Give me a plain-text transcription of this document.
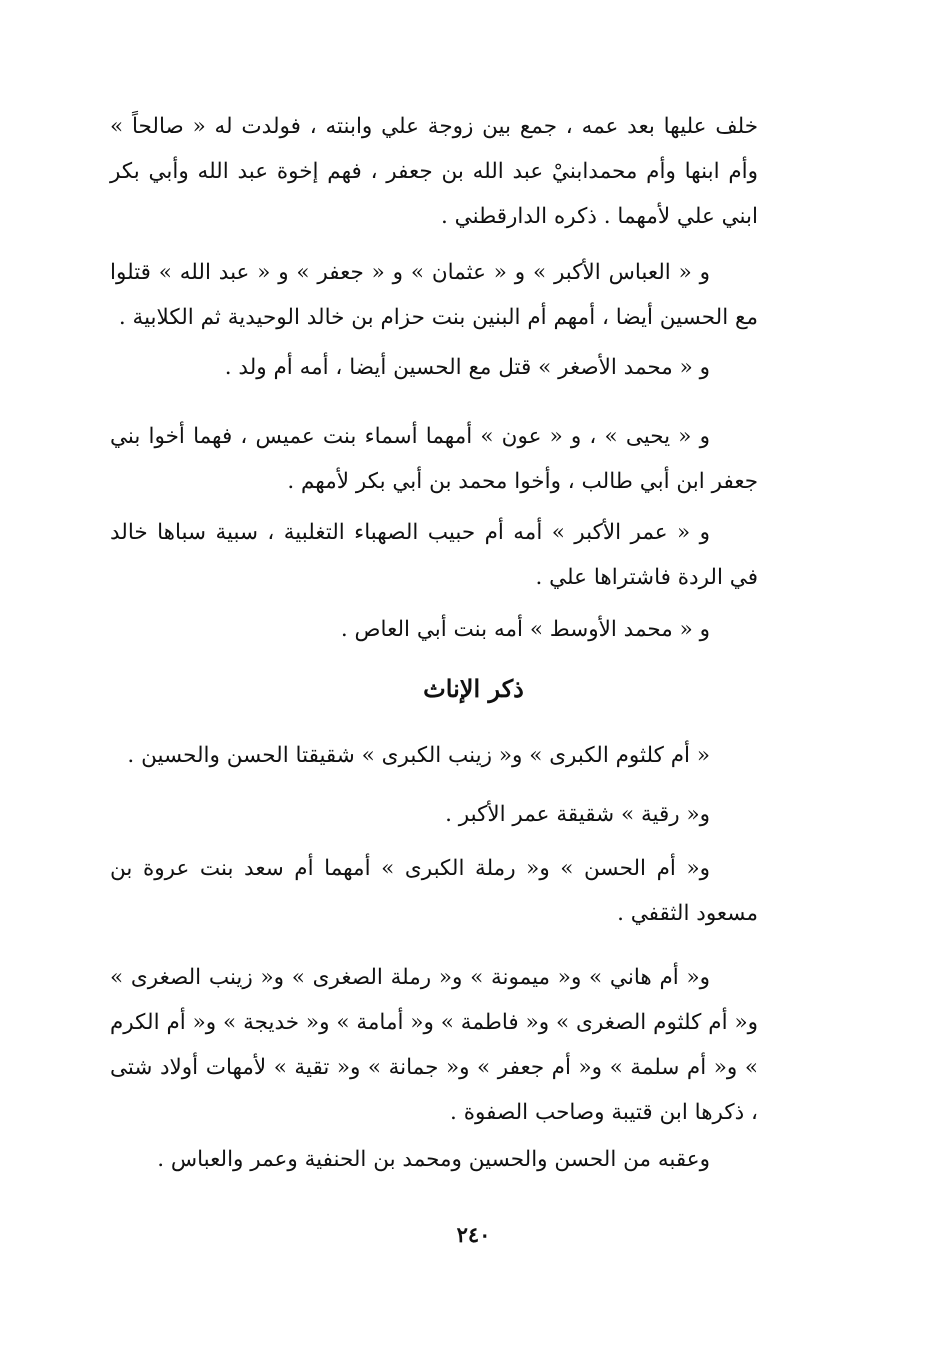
خلف عليها بعد عمه ، جمع بين زوجة علي وابنته ، فولدت له « صالحاً » وأم ابنها وأم محمدابنيْ عبد الله بن جعفر ، فهم إخوة عبد الله وأبي بكر ابني علي لأمهما . ذكره الدارقطني .

و « العباس الأكبر » و « عثمان » و « جعفر » و « عبد الله » قتلوا مع الحسين أيضا ، أمهم أم البنين بنت حزام بن خالد الوحيدية ثم الكلابية .

و « محمد الأصغر » قتل مع الحسين أيضا ، أمه أم ولد .

و « يحيى » ، و « عون » أمهما أسماء بنت عميس ، فهما أخوا بني جعفر ابن أبي طالب ، وأخوا محمد بن أبي بكر لأمهم .

و « عمر الأكبر » أمه أم حبيب الصهباء التغلبية ، سبية سباها خالد في الردة فاشتراها علي .

و « محمد الأوسط » أمه بنت أبي العاص .

ذكر الإناث

« أم كلثوم الكبرى » و« زينب الكبرى » شقيقتا الحسن والحسين .

و« رقية » شقيقة عمر الأكبر .

و« أم الحسن » و« رملة الكبرى » أمهما أم سعد بنت عروة بن مسعود الثقفي .

و« أم هاني » و« ميمونة » و« رملة الصغرى » و« زينب الصغرى » و« أم كلثوم الصغرى » و« فاطمة » و« أمامة » و« خديجة » و« أم الكرم » و« أم سلمة » و« أم جعفر » و« جمانة » و« تقية » لأمهات أولاد شتى ، ذكرها ابن قتيبة وصاحب الصفوة .

وعقبه من الحسن والحسين ومحمد بن الحنفية وعمر والعباس .

٢٤٠
